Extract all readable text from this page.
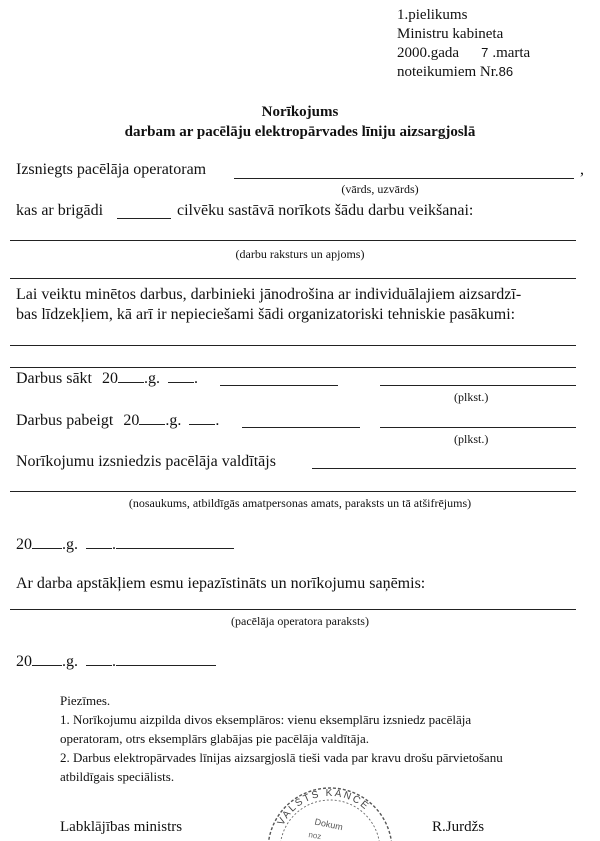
1.pielikums
Ministru kabineta
2000.gada 7 .marta
noteikumiem Nr.86
Norīkojums
darbam ar pacēlāju elektropārvades līniju aizsargjoslā
Izsniegts pacēlāja operatoram	,
(vārds, uzvārds)
kas ar brigādi	cilvēku sastāvā norīkots šādu darbu veikšanai:
(darbu raksturs un apjoms)
Lai veiktu minētos darbus, darbinieki jānodrošina ar individuālajiem aizsardzī-
bas līdzekļiem, kā arī ir nepieciešami šādi organizatoriski tehniskie pasākumi:
Darbus sākt 20 .g. .
(plkst.)
Darbus pabeigt 20 .g. .
(plkst.)
Norīkojumu izsniedzis pacēlāja valdītājs
(nosaukums, atbildīgās amatpersonas amats, paraksts un tā atšifrējums)
20 .g. .
Ar darba apstākļiem esmu iepazīstināts un norīkojumu saņēmis:
(pacēlāja operatora paraksts)
20 .g. .
Piezīmes.
1. Norīkojumu aizpilda divos eksemplāros: vienu eksemplāru izsniedz pacēlāja
operatoram, otrs eksemplārs glabājas pie pacēlāja valdītāja.
2. Darbus elektropārvades līnijas aizsargjoslā tieši vada par kravu drošu pārvietošanu
atbildīgais speciālists.
Labklājības ministrs	R.Jurdžs
VALSTS KANCE
Dokum
noz
